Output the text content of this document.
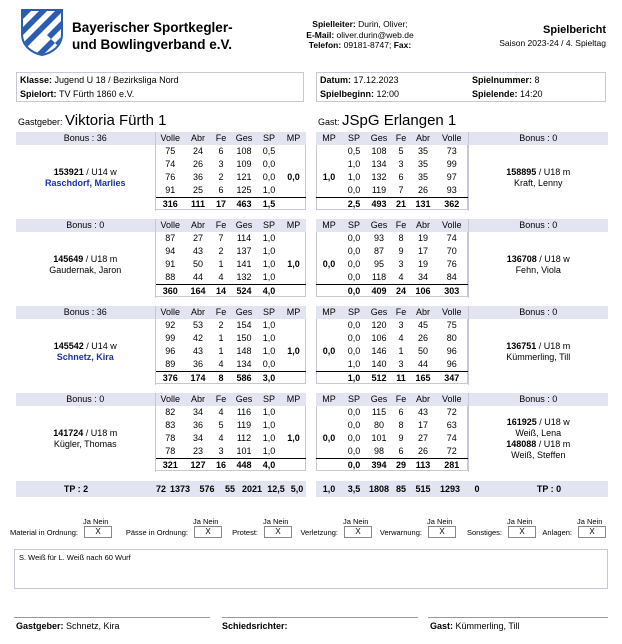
Bayerischer Sportkegler-
und Bowlingverband e.V.
Spielleiter: Durin, Oliver;
E-Mail: oliver.durin@web.de
Telefon: 09181-8747; Fax:
Spielbericht
Saison 2023-24 / 4. Spieltag
Klasse:
Jugend U 18 / Bezirksliga Nord
Spielort:
TV Fürth 1860 e.V.
Datum: 17.12.2023	Spielnummer: 8
Spielbeginn: 12:00	Spielende: 14:20
Gastgeber: Viktoria Fürth 1	Gast: JSpG Erlangen 1
Bonus : 36	Volle	Abr	Fe	Ges	SP	MP

153921 / U14 w
Raschdorf, Marlies	75	24	6	108	0,5	
	74	26	3	109	0,0	
	76	36	2	121	0,0	0,0
	91	25	6	125	1,0	
	316	111	17	463	1,5	
MP	SP	Ges	Fe	Abr	Volle	Bonus : 0
	0,5	108	5	35	73	158895 / U18 m
Kraft, Lenny

	1,0	134	3	35	99	
1,0	1,0	132	6	35	97	
	0,0	119	7	26	93	
	2,5	493	21	131	362	
Bonus : 0	Volle	Abr	Fe	Ges	SP	MP

145649 / U18 m
Gaudernak, Jaron	87	27	7	114	1,0	
	94	43	2	137	1,0	
	91	50	1	141	1,0	1,0
	88	44	4	132	1,0	
	360	164	14	524	4,0	
MP	SP	Ges	Fe	Abr	Volle	Bonus : 0
	0,0	93	8	19	74	136708 / U18 w
Fehn, Viola

	0,0	87	9	17	70	
0,0	0,0	95	3	19	76	
	0,0	118	4	34	84	
	0,0	409	24	106	303	
Bonus : 36	Volle	Abr	Fe	Ges	SP	MP

145542 / U14 w
Schnetz, Kira	92	53	2	154	1,0	
	99	42	1	150	1,0	
	96	43	1	148	1,0	1,0
	89	36	4	134	0,0	
	376	174	8	586	3,0	
MP	SP	Ges	Fe	Abr	Volle	Bonus : 0
	0,0	120	3	45	75	136751 / U18 m
Kümmerling, Till

	0,0	106	4	26	80	
0,0	0,0	146	1	50	96	
	1,0	140	3	44	96	
	1,0	512	11	165	347	
Bonus : 0	Volle	Abr	Fe	Ges	SP	MP

141724 / U18 m
Kügler, Thomas	82	34	4	116	1,0	
	83	36	5	119	1,0	
	78	34	4	112	1,0	1,0
	78	23	3	101	1,0	
	321	127	16	448	4,0	
MP	SP	Ges	Fe	Abr	Volle	Bonus : 0
	0,0	115	6	43	72	161925 / U18 w
Weiß, Lena
148088 / U18 m
Weiß, Steffen

	0,0	80	8	17	63	
0,0	0,0	101	9	27	74	
	0,0	98	6	26	72	
	0,0	394	29	113	281	
TP : 2	72	1373	576	55	2021	12,5	5,0 1,0	3,5	1808	85	515	1293	0	TP : 0
Ja Nein
Material in Ordnung:	X
Ja Nein
Pässe in Ordnung:	X
Ja Nein
Protest:	X
Ja Nein
Verletzung:	X
Ja Nein
Verwarnung:	X
Ja Nein
Sonstiges:	X
Ja Nein
Anlagen:	X
S. Weiß für L. Weiß nach 60 Wurf
Gastgeber: Schnetz, Kira	Schiedsrichter:	Gast: Kümmerling, Till
